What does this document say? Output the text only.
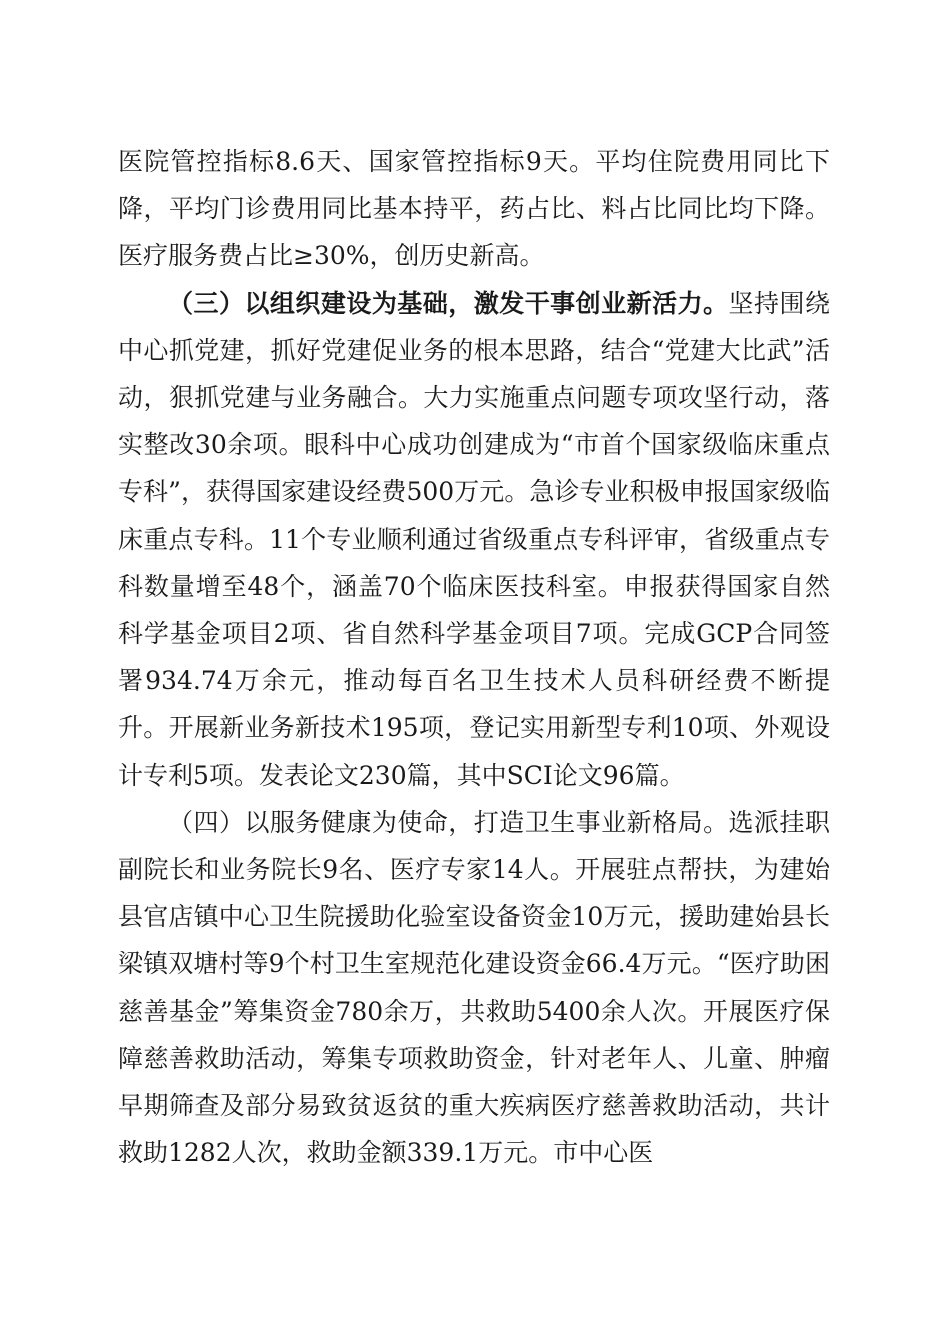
医院管控指标8.6天、国家管控指标9天。平均住院费用同比下降，平均门诊费用同比基本持平，药占比、料占比同比均下降。医疗服务费占比≥30%，创历史新高。

（三）以组织建设为基础，激发干事创业新活力。坚持围绕中心抓党建，抓好党建促业务的根本思路，结合“党建大比武”活动，狠抓党建与业务融合。大力实施重点问题专项攻坚行动，落实整改30余项。眼科中心成功创建成为“市首个国家级临床重点专科”，获得国家建设经费500万元。急诊专业积极申报国家级临床重点专科。11个专业顺利通过省级重点专科评审，省级重点专科数量增至48个，涵盖70个临床医技科室。申报获得国家自然科学基金项目2项、省自然科学基金项目7项。完成GCP合同签署934.74万余元，推动每百名卫生技术人员科研经费不断提升。开展新业务新技术195项，登记实用新型专利10项、外观设计专利5项。发表论文230篇，其中SCI论文96篇。

（四）以服务健康为使命，打造卫生事业新格局。选派挂职副院长和业务院长9名、医疗专家14人。开展驻点帮扶，为建始县官店镇中心卫生院援助化验室设备资金10万元，援助建始县长梁镇双塘村等9个村卫生室规范化建设资金66.4万元。“医疗助困慈善基金”筹集资金780余万，共救助5400余人次。开展医疗保障慈善救助活动，筹集专项救助资金，针对老年人、儿童、肿瘤早期筛查及部分易致贫返贫的重大疾病医疗慈善救助活动，共计救助1282人次，救助金额339.1万元。市中心医
